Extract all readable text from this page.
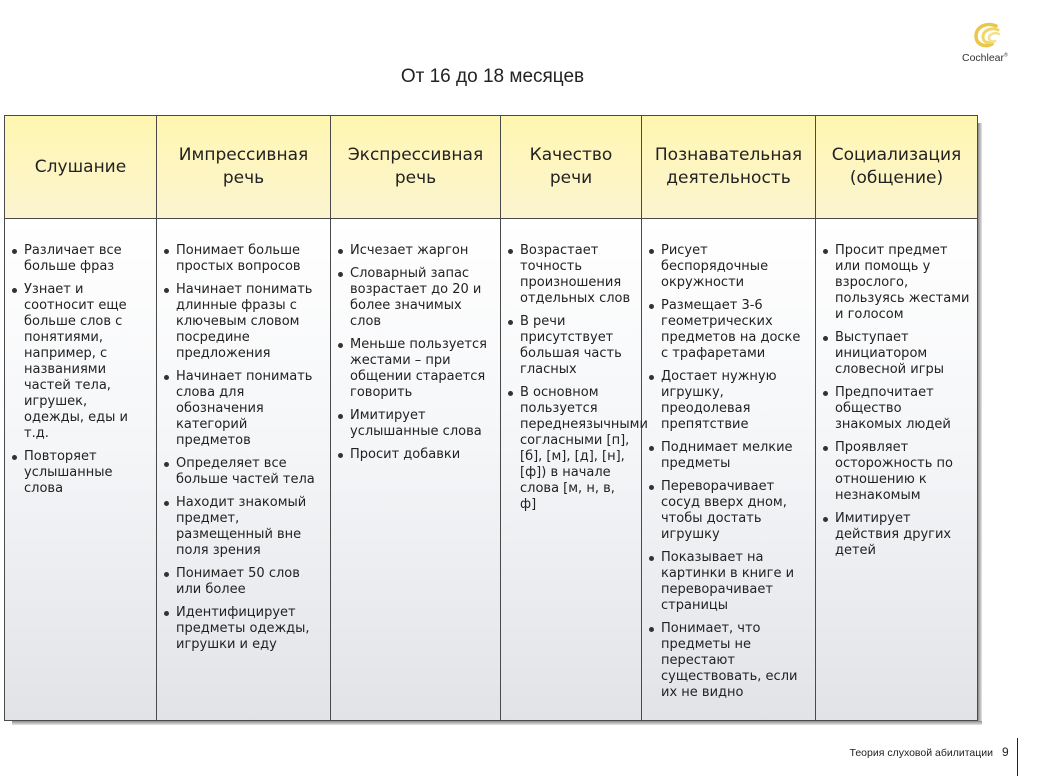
Cochlear®
От 16 до 18 месяцев
Слушание
Различает все больше фраз
Узнает и соотносит еще больше слов с понятиями, например, с названиями частей тела, игрушек, одежды, еды и т.д.
Повторяет услышанные слова
Импрессивная речь
Понимает больше простых вопросов
Начинает понимать длинные фразы с ключевым словом посредине предложения
Начинает понимать слова для обозначения категорий предметов
Определяет все больше частей тела
Находит знакомый предмет, размещенный вне поля зрения
Понимает 50 слов или более
Идентифицирует предметы одежды, игрушки и еду
Экспрессивная речь
Исчезает жаргон
Словарный запас возрастает до 20 и более значимых слов
Меньше пользуется жестами – при общении старается говорить
Имитирует услышанные слова
Просит добавки
Качество речи
Возрастает точность произношения отдельных слов
В речи присутствует большая часть гласных
В основном пользуется переднеязычными согласными [п], [б], [м], [д], [н], [ф]) в начале слова [м, н, в, ф]
Познавательная деятельность
Рисует беспорядочные окружности
Размещает 3-6 геометрических предметов на доске с трафаретами
Достает нужную игрушку, преодолевая препятствие
Поднимает мелкие предметы
Переворачивает сосуд вверх дном, чтобы достать игрушку
Показывает на картинки в книге и переворачивает страницы
Понимает, что предметы не перестают существовать, если их не видно
Социализация (общение)
Просит предмет или помощь у взрослого, пользуясь жестами и голосом
Выступает инициатором словесной игры
Предпочитает общество знакомых людей
Проявляет осторожность по отношению к незнакомым
Имитирует действия других детей
Теория слуховой абилитации 9
